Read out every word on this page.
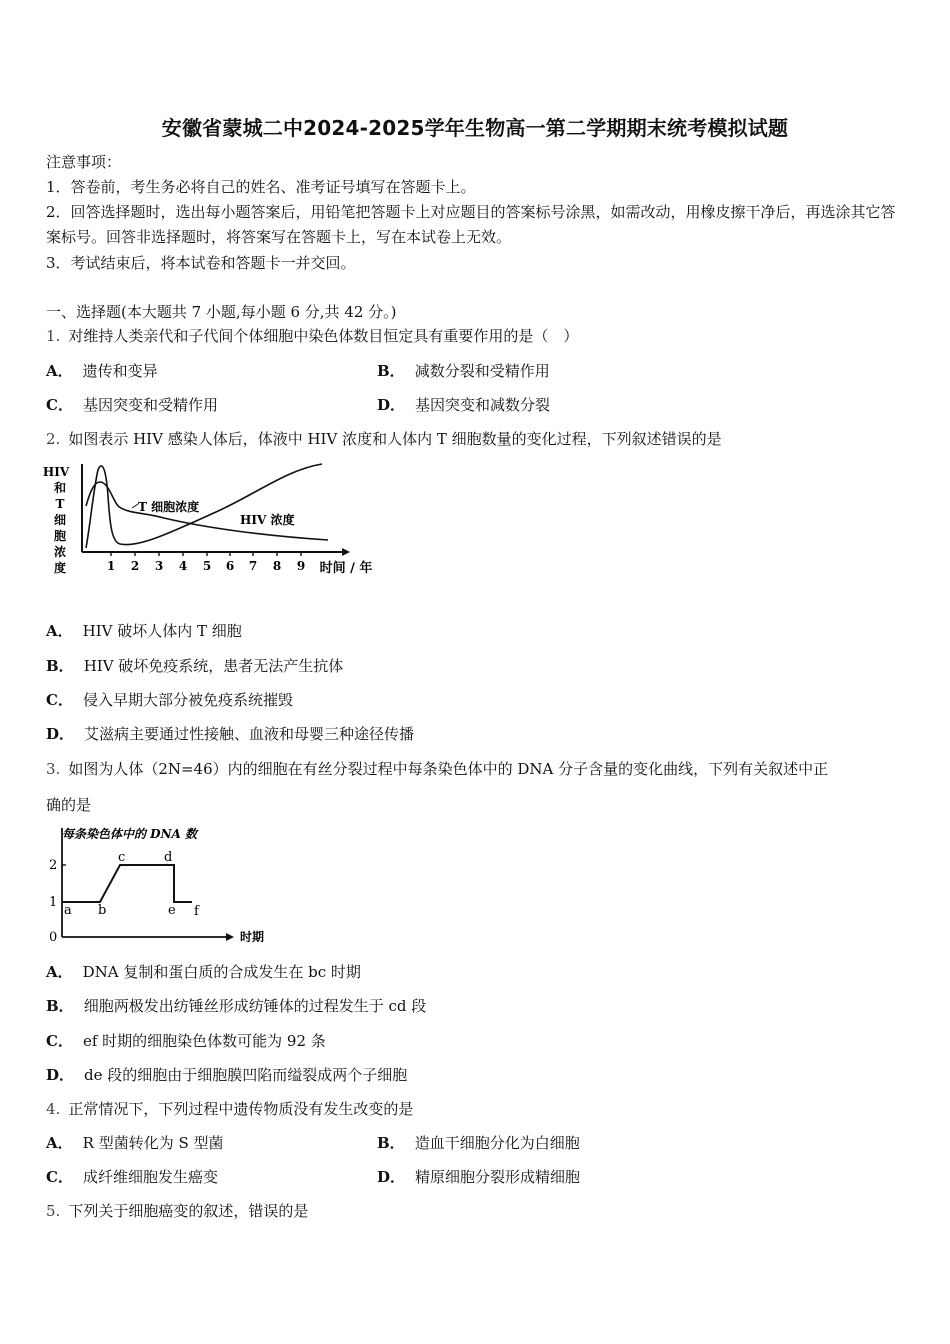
安徽省蒙城二中2024-2025学年生物高一第二学期期末统考模拟试题
注意事项：
1．答卷前，考生务必将自己的姓名、准考证号填写在答题卡上。
2．回答选择题时，选出每小题答案后，用铅笔把答题卡上对应题目的答案标号涂黑，如需改动，用橡皮擦干净后，再选涂其它答案标号。回答非选择题时，将答案写在答题卡上，写在本试卷上无效。
3．考试结束后，将本试卷和答题卡一并交回。
一、选择题(本大题共 7 小题,每小题 6 分,共 42 分。)
1. 对维持人类亲代和子代间个体细胞中染色体数目恒定具有重要作用的是（　）
A． 遗传和变异	B． 减数分裂和受精作用
C． 基因突变和受精作用	D． 基因突变和减数分裂
2. 如图表示 HIV 感染人体后，体液中 HIV 浓度和人体内 T 细胞数量的变化过程，下列叙述错误的是
HIV
和
T
细
胞
浓
度	1 2 3 4 5 6 7 8 9 时间 / 年
T 细胞浓度
HIV 浓度
A． HIV 破坏人体内 T 细胞
B． HIV 破坏免疫系统，患者无法产生抗体
C． 侵入早期大部分被免疫系统摧毁
D． 艾滋病主要通过性接触、血液和母婴三种途径传播
3. 如图为人体（2N=46）内的细胞在有丝分裂过程中每条染色体中的 DNA 分子含量的变化曲线，下列有关叙述中正
确的是
每条染色体中的 DNA 数
2
1
0
a b
c	d
e f
时期
A． DNA 复制和蛋白质的合成发生在 bc 时期
B． 细胞两极发出纺锤丝形成纺锤体的过程发生于 cd 段
C． ef 时期的细胞染色体数可能为 92 条
D． de 段的细胞由于细胞膜凹陷而缢裂成两个子细胞
4. 正常情况下，下列过程中遗传物质没有发生改变的是
A． R 型菌转化为 S 型菌	B． 造血干细胞分化为白细胞
C． 成纤维细胞发生癌变	D． 精原细胞分裂形成精细胞
5. 下列关于细胞癌变的叙述，错误的是
